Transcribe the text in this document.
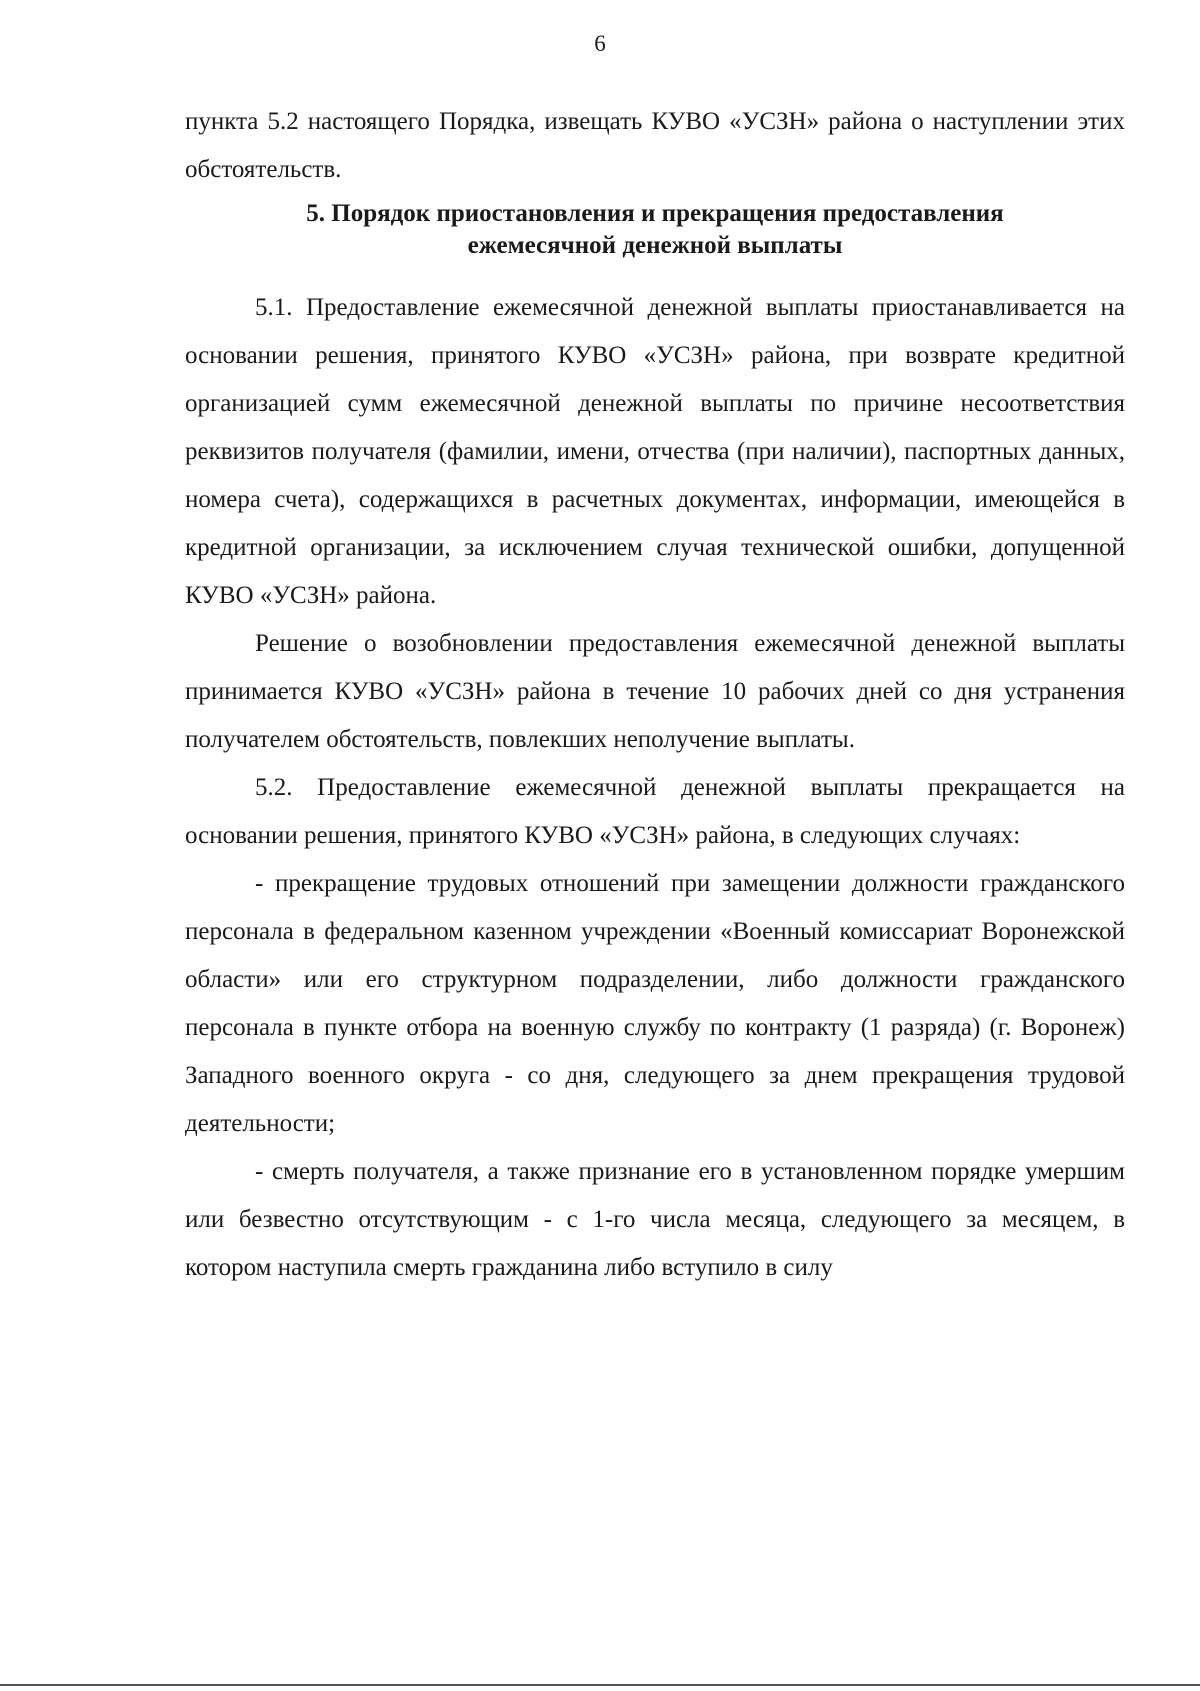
6

пункта 5.2 настоящего Порядка, извещать КУВО «УСЗН» района о наступлении этих обстоятельств.

5. Порядок приостановления и прекращения предоставления
ежемесячной денежной выплаты

5.1. Предоставление ежемесячной денежной выплаты приостанавливается на основании решения, принятого КУВО «УСЗН» района, при возврате кредитной организацией сумм ежемесячной денежной выплаты по причине несоответствия реквизитов получателя (фамилии, имени, отчества (при наличии), паспортных данных, номера счета), содержащихся в расчетных документах, информации, имеющейся в кредитной организации, за исключением случая технической ошибки, допущенной КУВО «УСЗН» района.

Решение о возобновлении предоставления ежемесячной денежной выплаты принимается КУВО «УСЗН» района в течение 10 рабочих дней со дня устранения получателем обстоятельств, повлекших неполучение выплаты.

5.2. Предоставление ежемесячной денежной выплаты прекращается на основании решения, принятого КУВО «УСЗН» района, в следующих случаях:

- прекращение трудовых отношений при замещении должности гражданского персонала в федеральном казенном учреждении «Военный комиссариат Воронежской области» или его структурном подразделении, либо должности гражданского персонала в пункте отбора на военную службу по контракту (1 разряда) (г. Воронеж) Западного военного округа - со дня, следующего за днем прекращения трудовой деятельности;

- смерть получателя, а также признание его в установленном порядке умершим или безвестно отсутствующим - с 1-го числа месяца, следующего за месяцем, в котором наступила смерть гражданина либо вступило в силу
